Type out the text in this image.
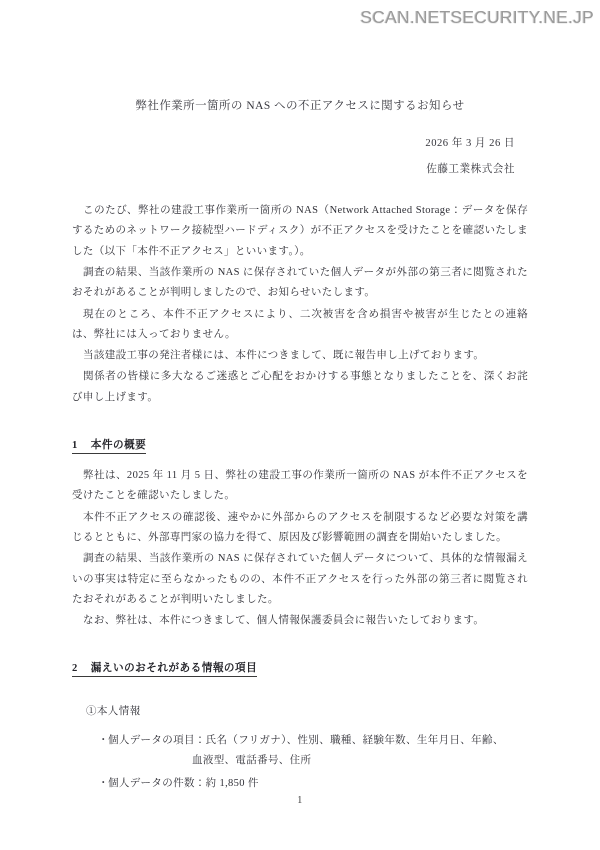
SCAN.NETSECURITY.NE.JP
弊社作業所一箇所の NAS への不正アクセスに関するお知らせ
2026 年 3 月 26 日
佐藤工業株式会社

このたび、弊社の建設工事作業所一箇所の NAS（Network Attached Storage：データを保存するためのネットワーク接続型ハードディスク）が不正アクセスを受けたことを確認いたしました（以下「本件不正アクセス」といいます。）。

調査の結果、当該作業所の NAS に保存されていた個人データが外部の第三者に閲覧されたおそれがあることが判明しましたので、お知らせいたします。

現在のところ、本件不正アクセスにより、二次被害を含め損害や被害が生じたとの連絡は、弊社には入っておりません。

当該建設工事の発注者様には、本件につきまして、既に報告申し上げております。

関係者の皆様に多大なるご迷惑とご心配をおかけする事態となりましたことを、深くお詫び申し上げます。

1 本件の概要

弊社は、2025 年 11 月 5 日、弊社の建設工事の作業所一箇所の NAS が本件不正アクセスを受けたことを確認いたしました。

本件不正アクセスの確認後、速やかに外部からのアクセスを制限するなど必要な対策を講じるとともに、外部専門家の協力を得て、原因及び影響範囲の調査を開始いたしました。

調査の結果、当該作業所の NAS に保存されていた個人データについて、具体的な情報漏えいの事実は特定に至らなかったものの、本件不正アクセスを行った外部の第三者に閲覧されたおそれがあることが判明いたしました。

なお、弊社は、本件につきまして、個人情報保護委員会に報告いたしております。

2 漏えいのおそれがある情報の項目
①本人情報
・ 個人データの項目：氏名（フリガナ）、性別、職種、経験年数、生年月日、年齢、
血液型、電話番号、住所
・ 個人データの件数：約 1,850 件
1
